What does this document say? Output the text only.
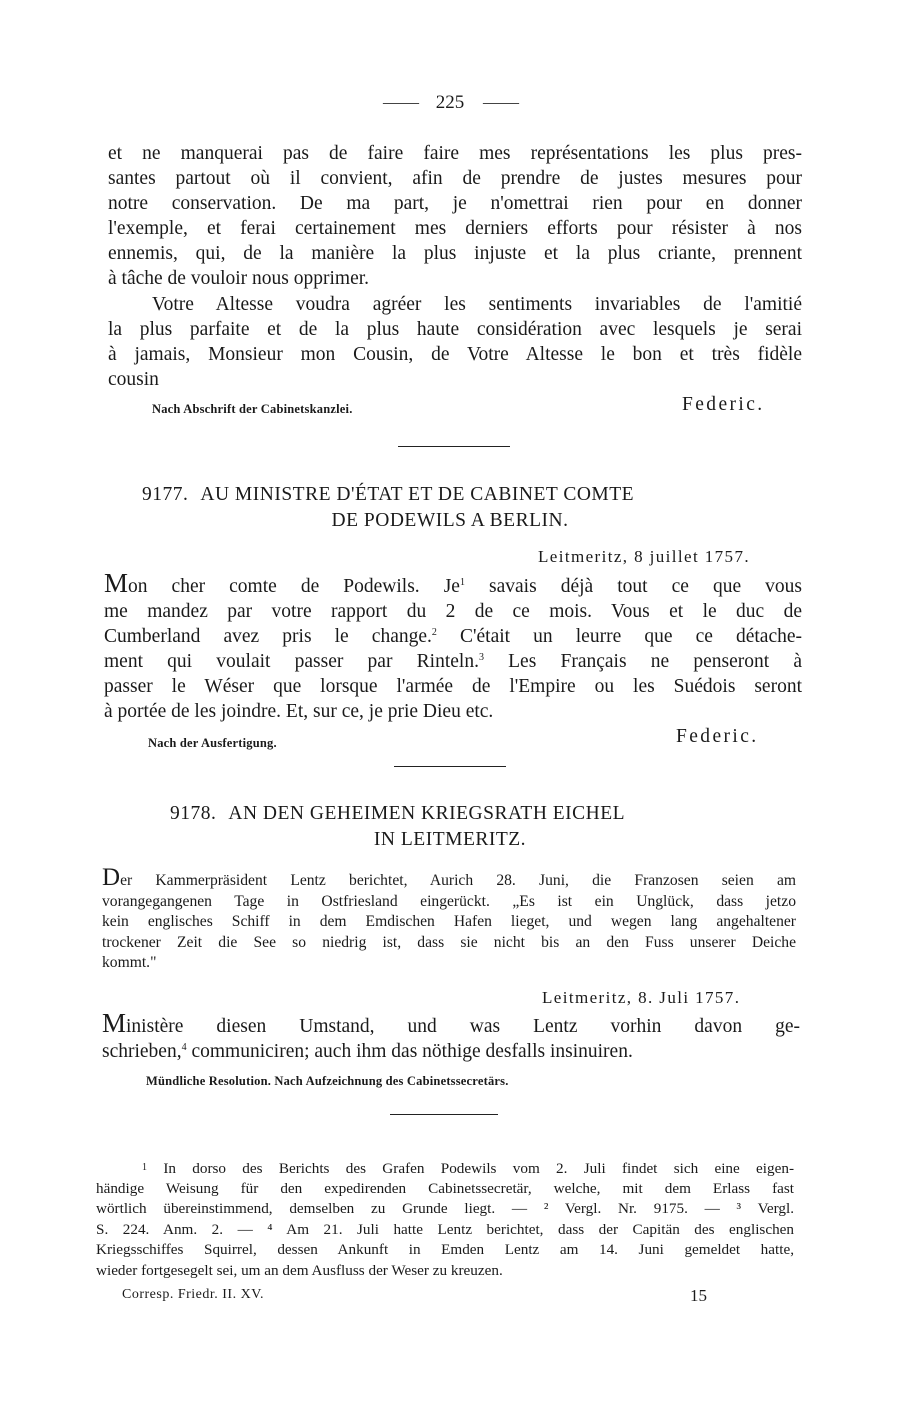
—— 225 ——
et ne manquerai pas de faire faire mes représentations les plus pres-
santes partout où il convient, afin de prendre de justes mesures pour
notre conservation. De ma part, je n'omettrai rien pour en donner
l'exemple, et ferai certainement mes derniers efforts pour résister à nos
ennemis, qui, de la manière la plus injuste et la plus criante, prennent
à tâche de vouloir nous opprimer.
Votre Altesse voudra agréer les sentiments invariables de l'amitié
la plus parfaite et de la plus haute considération avec lesquels je serai
à jamais, Monsieur mon Cousin, de Votre Altesse le bon et très fidèle
cousin
Nach Abschrift der Cabinetskanzlei.	Federic.
9177. AU MINISTRE D'ÉTAT ET DE CABINET COMTE
DE PODEWILS A BERLIN.
Leitmeritz, 8 juillet 1757.
Mon cher comte de Podewils. Je$^1$ savais déjà tout ce que vous
me mandez par votre rapport du 2 de ce mois. Vous et le duc de
Cumberland avez pris le change.$^2$ C'était un leurre que ce détache-
ment qui voulait passer par Rinteln.$^3$ Les Français ne penseront à
passer le Wéser que lorsque l'armée de l'Empire ou les Suédois seront
à portée de les joindre. Et, sur ce, je prie Dieu etc.
Nach der Ausfertigung.	Federic.
9178. AN DEN GEHEIMEN KRIEGSRATH EICHEL
IN LEITMERITZ.
Der Kammerpräsident Lentz berichtet, Aurich 28. Juni, die Franzosen seien am
vorangegangenen Tage in Ostfriesland eingerückt. „Es ist ein Unglück, dass jetzo
kein englisches Schiff in dem Emdischen Hafen lieget, und wegen lang angehaltener
trockener Zeit die See so niedrig ist, dass sie nicht bis an den Fuss unserer Deiche
kommt."
Leitmeritz, 8. Juli 1757.
Ministère diesen Umstand, und was Lentz vorhin davon ge-
schrieben,$^4$ communiciren; auch ihm das nöthige desfalls insinuiren.
Mündliche Resolution. Nach Aufzeichnung des Cabinetssecretärs.
1 In dorso des Berichts des Grafen Podewils vom 2. Juli findet sich eine eigen-
händige Weisung für den expedirenden Cabinetssecretär, welche, mit dem Erlass fast
wörtlich übereinstimmend, demselben zu Grunde liegt. — ² Vergl. Nr. 9175. — ³ Vergl.
S. 224. Anm. 2. — ⁴ Am 21. Juli hatte Lentz berichtet, dass der Capitän des englischen
Kriegsschiffes Squirrel, dessen Ankunft in Emden Lentz am 14. Juni gemeldet hatte,
wieder fortgesegelt sei, um an dem Ausfluss der Weser zu kreuzen.
Corresp. Friedr. II. XV.	15
